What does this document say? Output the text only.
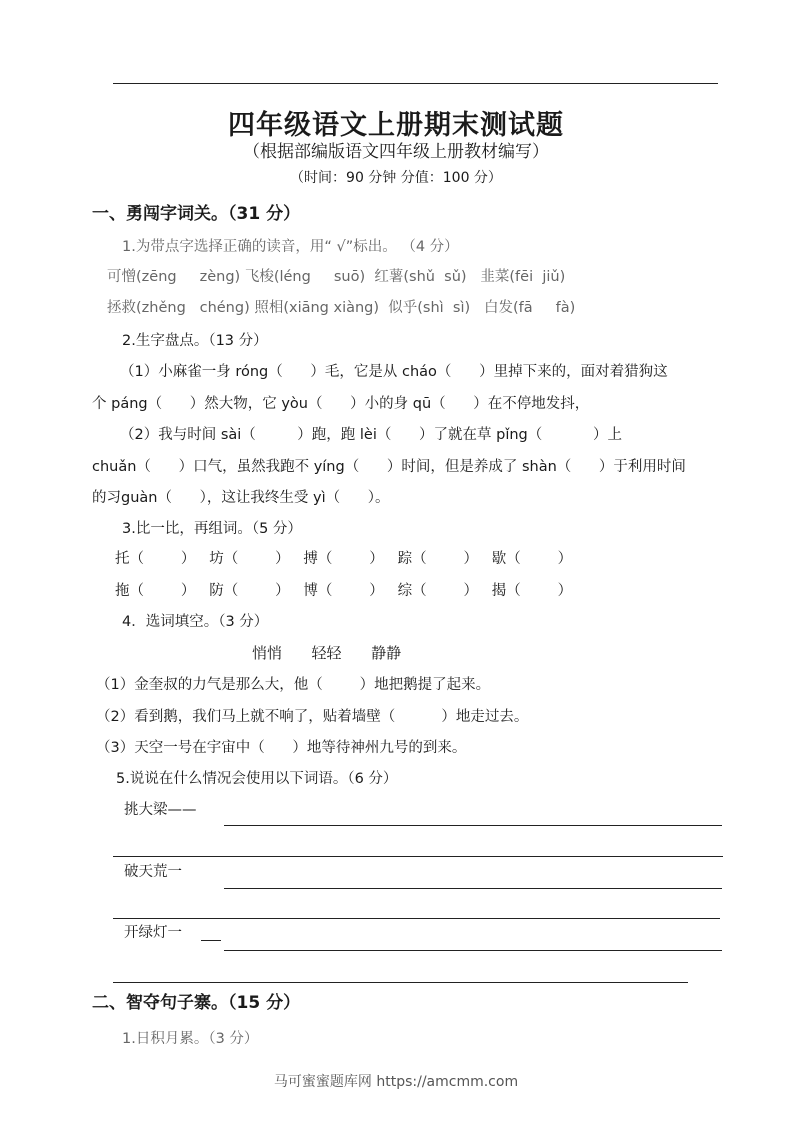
四年级语文上册期末测试题
（根据部编版语文四年级上册教材编写）
（时间：90 分钟 分值：100 分）
一、勇闯字词关。（31 分）
1.为带点字选择正确的读音，用“ √”标出。 （4 分）
可憎(zēng     zèng) 飞梭(léng     suō)  红薯(shǔ  sǔ)   韭菜(fēi  jiǔ)
拯救(zhěng   chéng) 照相(xiāng xiàng)  似乎(shì  sì)   白发(fā     fà)
2.生字盘点。（13 分）
（1）小麻雀一身 róng（      ）毛，它是从 cháo（      ）里掉下来的，面对着猎狗这
个 páng（      ）然大物，它 yòu（      ）小的身 qū（      ）在不停地发抖，
（2）我与时间 sài（         ）跑，跑 lèi（      ）了就在草 pǐng（           ）上
chuǎn（      ）口气，虽然我跑不 yíng（      ）时间，但是养成了 shàn（      ）于利用时间
的习guàn（      ），这让我终生受 yì（      ）。
3.比一比，再组词。（5 分）
托（        ）   坊（        ）   搏（        ）   踪（        ）   歇（        ）
拖（        ）   防（        ）   博（        ）   综（        ）   揭（        ）
4．选词填空。（3 分）
悄悄  轻轻  静静
（1）金奎叔的力气是那么大，他（        ）地把鹅提了起来。
（2）看到鹅，我们马上就不响了，贴着墙壁（          ）地走过去。
（3）天空一号在宇宙中（      ）地等待神州九号的到来。
5.说说在什么情况会使用以下词语。（6 分）
挑大梁——
破天荒一
开绿灯一
二、智夺句子寨。（15 分）
1.日积月累。（3 分）
马可蜜蜜题库网 https://amcmm.com
